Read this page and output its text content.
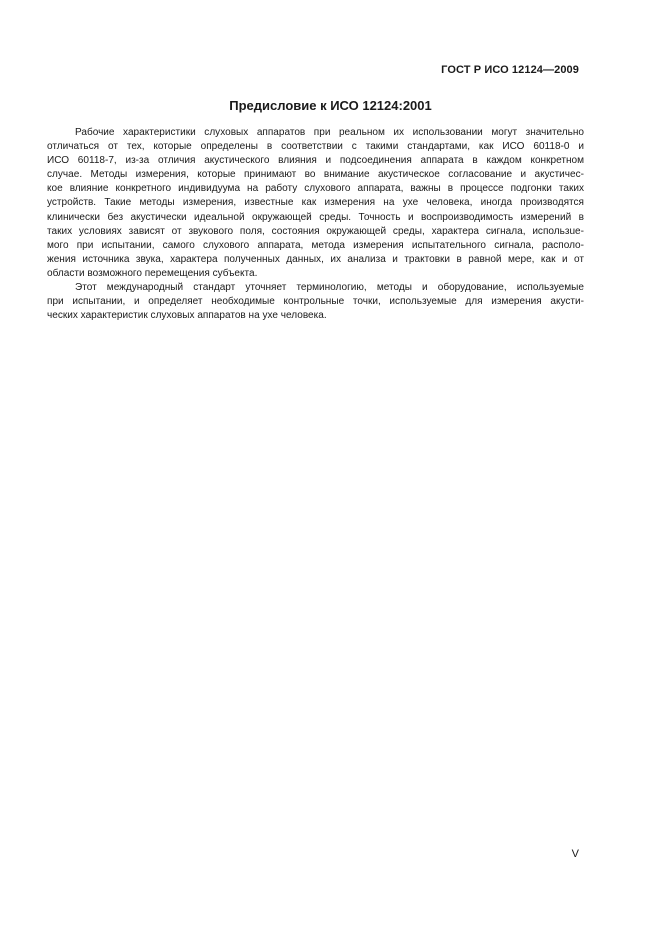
ГОСТ Р ИСО 12124—2009
Предисловие к ИСО 12124:2001
Рабочие характеристики слуховых аппаратов при реальном их использовании могут значительно
отличаться от тех, которые определены в соответствии с такими стандартами, как ИСО 60118-0 и
ИСО 60118-7, из-за отличия акустического влияния и подсоединения аппарата в каждом конкретном
случае. Методы измерения, которые принимают во внимание акустическое согласование и акустичес-
кое влияние конкретного индивидуума на работу слухового аппарата, важны в процессе подгонки таких
устройств. Такие методы измерения, известные как измерения на ухе человека, иногда производятся
клинически без акустически идеальной окружающей среды. Точность и воспроизводимость измерений в
таких условиях зависят от звукового поля, состояния окружающей среды, характера сигнала, использue-
мого при испытании, самого слухового аппарата, метода измерения испытательного сигнала, располо-
жения источника звука, характера полученных данных, их анализа и трактовки в равной мере, как и от
области возможного перемещения субъекта.
Этот международный стандарт уточняет терминологию, методы и оборудование, используемые
при испытании, и определяет необходимые контрольные точки, используемые для измерения акусти-
ческих характеристик слуховых аппаратов на ухе человека.
V
